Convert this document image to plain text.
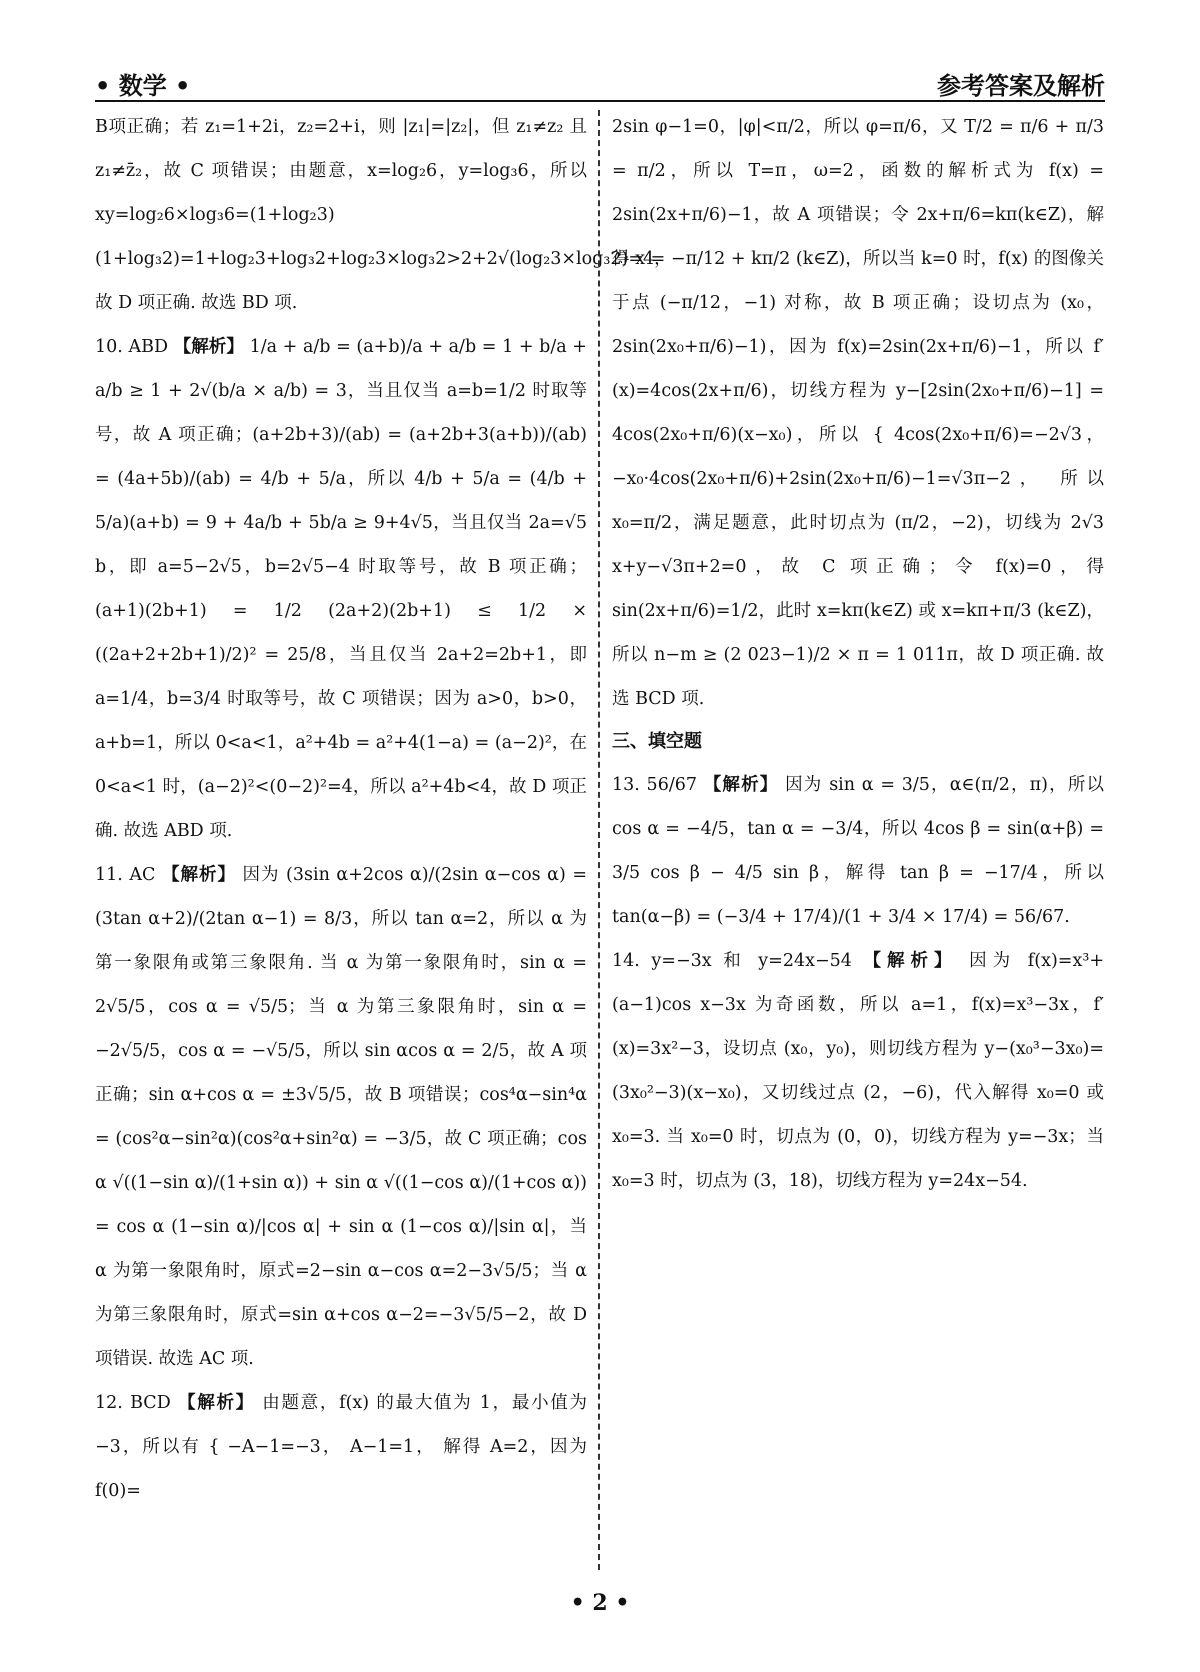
• 数学 •	参考答案及解析

B项正确；若 z₁=1+2i，z₂=2+i，则 |z₁|=|z₂|，但 z₁≠z₂ 且 z₁≠z̄₂，故 C 项错误；由题意，x=log₂6，y=log₃6，所以 xy=log₂6×log₃6=(1+log₂3)(1+log₃2)=1+log₂3+log₃2+log₂3×log₃2>2+2√(log₂3×log₃2)=4，故 D 项正确. 故选 BD 项.

10. ABD 【解析】 1/a + a/b = (a+b)/a + a/b = 1 + b/a + a/b ≥ 1 + 2√(b/a × a/b) = 3，当且仅当 a=b=1/2 时取等号，故 A 项正确；(a+2b+3)/(ab) = (a+2b+3(a+b))/(ab) = (4a+5b)/(ab) = 4/b + 5/a，所以 4/b + 5/a = (4/b + 5/a)(a+b) = 9 + 4a/b + 5b/a ≥ 9+4√5，当且仅当 2a=√5 b，即 a=5−2√5，b=2√5−4 时取等号，故 B 项正确；(a+1)(2b+1) = 1/2 (2a+2)(2b+1) ≤ 1/2 × ((2a+2+2b+1)/2)² = 25/8，当且仅当 2a+2=2b+1，即 a=1/4，b=3/4 时取等号，故 C 项错误；因为 a>0，b>0，a+b=1，所以 0<a<1，a²+4b = a²+4(1−a) = (a−2)²，在 0<a<1 时，(a−2)²<(0−2)²=4，所以 a²+4b<4，故 D 项正确. 故选 ABD 项.

11. AC 【解析】 因为 (3sin α+2cos α)/(2sin α−cos α) = (3tan α+2)/(2tan α−1) = 8/3，所以 tan α=2，所以 α 为第一象限角或第三象限角. 当 α 为第一象限角时，sin α = 2√5/5，cos α = √5/5；当 α 为第三象限角时，sin α = −2√5/5，cos α = −√5/5，所以 sin αcos α = 2/5，故 A 项正确；sin α+cos α = ±3√5/5，故 B 项错误；cos⁴α−sin⁴α = (cos²α−sin²α)(cos²α+sin²α) = −3/5，故 C 项正确；cos α √((1−sin α)/(1+sin α)) + sin α √((1−cos α)/(1+cos α)) = cos α (1−sin α)/|cos α| + sin α (1−cos α)/|sin α|，当 α 为第一象限角时，原式=2−sin α−cos α=2−3√5/5；当 α 为第三象限角时，原式=sin α+cos α−2=−3√5/5−2，故 D 项错误. 故选 AC 项.

12. BCD 【解析】 由题意，f(x) 的最大值为 1，最小值为 −3，所以有 { −A−1=−3， A−1=1， 解得 A=2，因为 f(0)=

2sin φ−1=0，|φ|<π/2，所以 φ=π/6，又 T/2 = π/6 + π/3 = π/2，所以 T=π，ω=2，函数的解析式为 f(x) = 2sin(2x+π/6)−1，故 A 项错误；令 2x+π/6=kπ(k∈Z)，解得 x = −π/12 + kπ/2 (k∈Z)，所以当 k=0 时，f(x) 的图像关于点 (−π/12，−1) 对称，故 B 项正确；设切点为 (x₀，2sin(2x₀+π/6)−1)，因为 f(x)=2sin(2x+π/6)−1，所以 f′(x)=4cos(2x+π/6)，切线方程为 y−[2sin(2x₀+π/6)−1] = 4cos(2x₀+π/6)(x−x₀)，所以 { 4cos(2x₀+π/6)=−2√3， −x₀·4cos(2x₀+π/6)+2sin(2x₀+π/6)−1=√3π−2， 所以 x₀=π/2，满足题意，此时切点为 (π/2，−2)，切线为 2√3 x+y−√3π+2=0，故 C 项正确；令 f(x)=0，得 sin(2x+π/6)=1/2，此时 x=kπ(k∈Z) 或 x=kπ+π/3 (k∈Z)，所以 n−m ≥ (2 023−1)/2 × π = 1 011π，故 D 项正确. 故选 BCD 项.

三、填空题

13. 56/67 【解析】 因为 sin α = 3/5，α∈(π/2，π)，所以 cos α = −4/5，tan α = −3/4，所以 4cos β = sin(α+β) = 3/5 cos β − 4/5 sin β，解得 tan β = −17/4，所以 tan(α−β) = (−3/4 + 17/4)/(1 + 3/4 × 17/4) = 56/67.

14. y=−3x 和 y=24x−54 【解析】 因为 f(x)=x³+(a−1)cos x−3x 为奇函数，所以 a=1，f(x)=x³−3x，f′(x)=3x²−3，设切点 (x₀，y₀)，则切线方程为 y−(x₀³−3x₀)=(3x₀²−3)(x−x₀)，又切线过点 (2，−6)，代入解得 x₀=0 或 x₀=3. 当 x₀=0 时，切点为 (0，0)，切线方程为 y=−3x；当 x₀=3 时，切点为 (3，18)，切线方程为 y=24x−54.

• 2 •
